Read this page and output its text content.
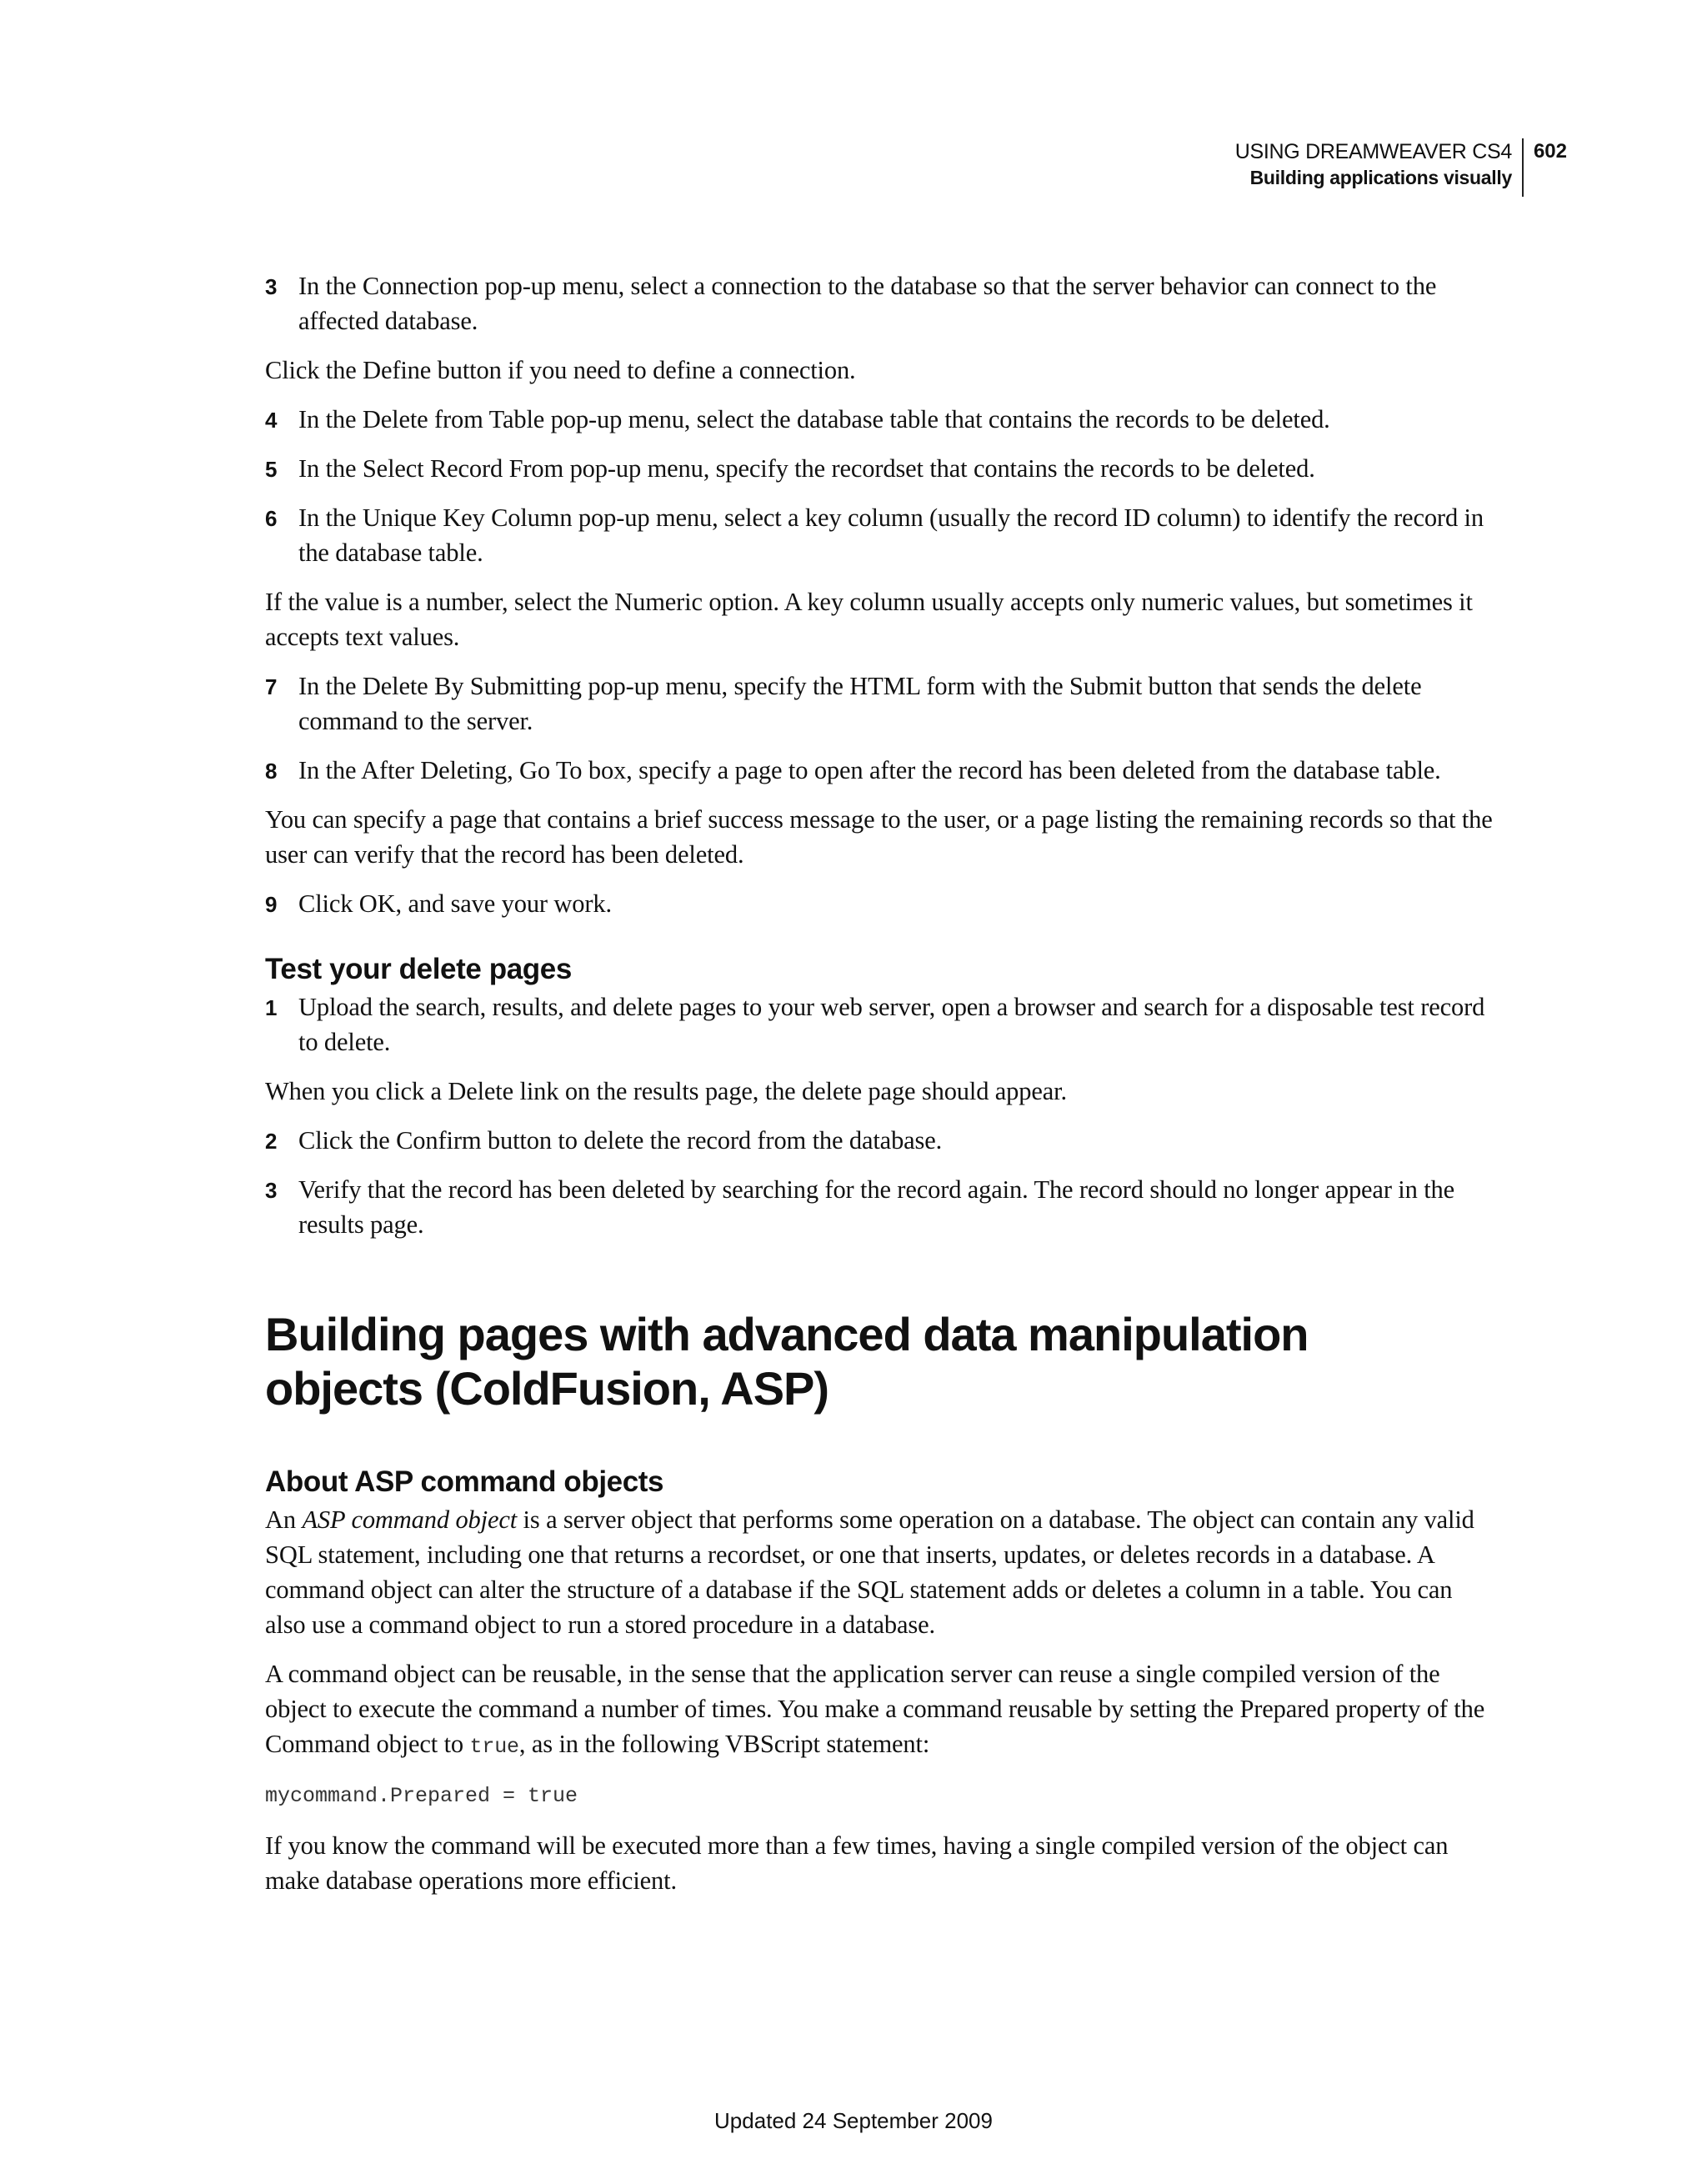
USING DREAMWEAVER CS4
Building applications visually
602
3 In the Connection pop-up menu, select a connection to the database so that the server behavior can connect to the affected database.

Click the Define button if you need to define a connection.

4 In the Delete from Table pop-up menu, select the database table that contains the records to be deleted.
5 In the Select Record From pop-up menu, specify the recordset that contains the records to be deleted.
6 In the Unique Key Column pop-up menu, select a key column (usually the record ID column) to identify the record in the database table.

If the value is a number, select the Numeric option. A key column usually accepts only numeric values, but sometimes it accepts text values.

7 In the Delete By Submitting pop-up menu, specify the HTML form with the Submit button that sends the delete command to the server.
8 In the After Deleting, Go To box, specify a page to open after the record has been deleted from the database table.

You can specify a page that contains a brief success message to the user, or a page listing the remaining records so that the user can verify that the record has been deleted.

9 Click OK, and save your work.
Test your delete pages
1 Upload the search, results, and delete pages to your web server, open a browser and search for a disposable test record to delete.

When you click a Delete link on the results page, the delete page should appear.

2 Click the Confirm button to delete the record from the database.
3 Verify that the record has been deleted by searching for the record again. The record should no longer appear in the results page.
Building pages with advanced data manipulation
objects (ColdFusion, ASP)
About ASP command objects

An ASP command object is a server object that performs some operation on a database. The object can contain any valid SQL statement, including one that returns a recordset, or one that inserts, updates, or deletes records in a database. A command object can alter the structure of a database if the SQL statement adds or deletes a column in a table. You can also use a command object to run a stored procedure in a database.

A command object can be reusable, in the sense that the application server can reuse a single compiled version of the object to execute the command a number of times. You make a command reusable by setting the Prepared property of the Command object to true, as in the following VBScript statement:

mycommand.Prepared = true

If you know the command will be executed more than a few times, having a single compiled version of the object can make database operations more efficient.

Updated 24 September 2009
